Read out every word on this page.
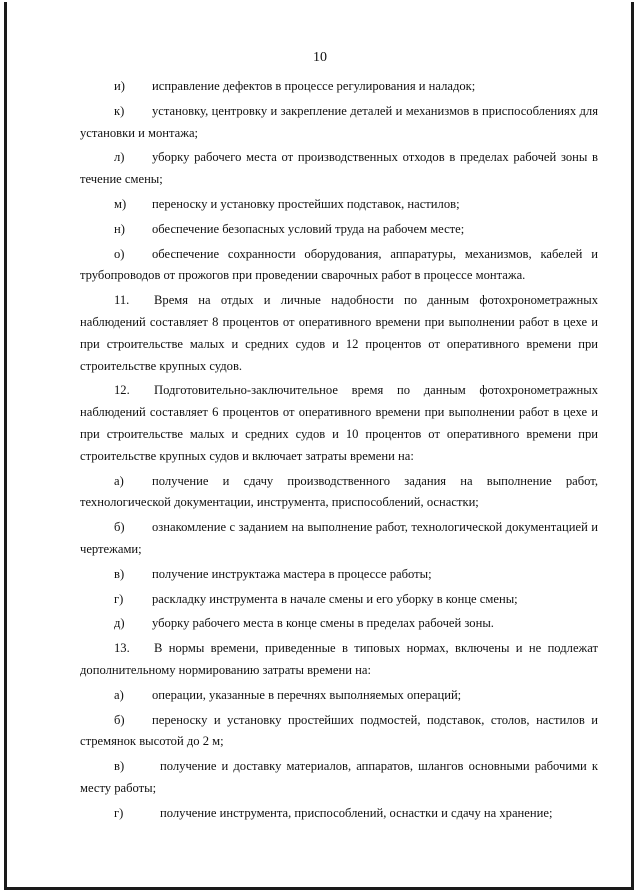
10

и) исправление дефектов в процессе регулирования и наладок;

к) установку, центровку и закрепление деталей и механизмов в приспособлениях для установки и монтажа;

л) уборку рабочего места от производственных отходов в пределах рабочей зоны в течение смены;

м) переноску и установку простейших подставок, настилов;

н) обеспечение безопасных условий труда на рабочем месте;

о) обеспечение сохранности оборудования, аппаратуры, механизмов, кабелей и трубопроводов от прожогов при проведении сварочных работ в процессе монтажа.

11. Время на отдых и личные надобности по данным фотохронометражных наблюдений составляет 8 процентов от оперативного времени при выполнении работ в цехе и при строительстве малых и средних судов и 12 процентов от оперативного времени при строительстве крупных судов.

12. Подготовительно-заключительное время по данным фотохронометражных наблюдений составляет 6 процентов от оперативного времени при выполнении работ в цехе и при строительстве малых и средних судов и 10 процентов от оперативного времени при строительстве крупных судов и включает затраты времени на:

а) получение и сдачу производственного задания на выполнение работ, технологической документации, инструмента, приспособлений, оснастки;

б) ознакомление с заданием на выполнение работ, технологической документацией и чертежами;

в) получение инструктажа мастера в процессе работы;

г) раскладку инструмента в начале смены и его уборку в конце смены;

д) уборку рабочего места в конце смены в пределах рабочей зоны.

13. В нормы времени, приведенные в типовых нормах, включены и не подлежат дополнительному нормированию затраты времени на:

а) операции, указанные в перечнях выполняемых операций;

б) переноску и установку простейших подмостей, подставок, столов, настилов и стремянок высотой до 2 м;

в)	получение и доставку материалов, аппаратов, шлангов основными рабочими к месту работы;

г)	получение инструмента, приспособлений, оснастки и сдачу на хранение;
